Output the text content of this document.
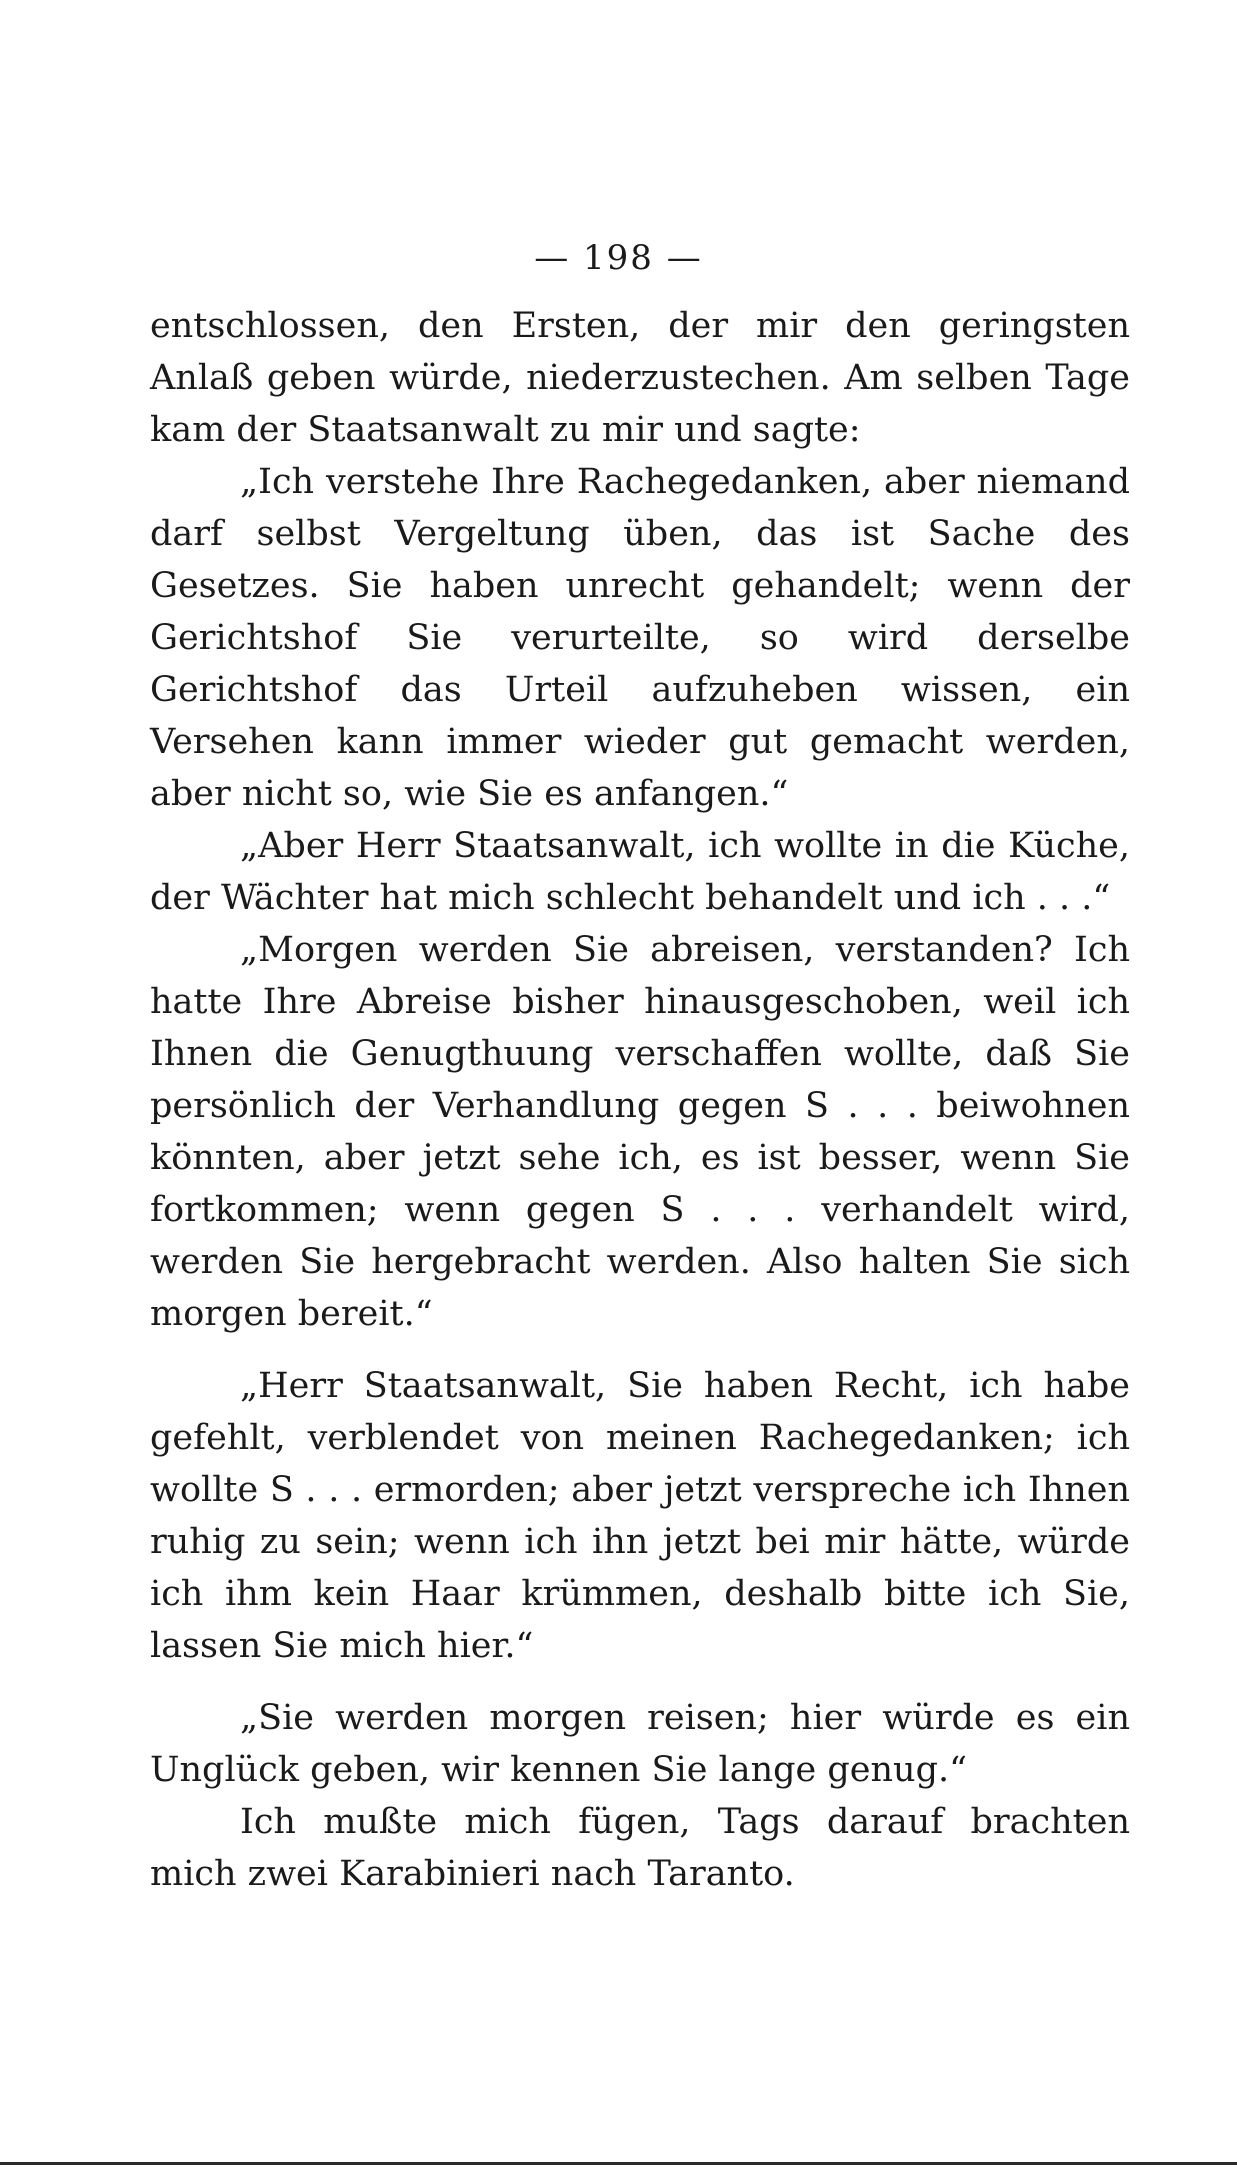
— 198 —

entschlossen, den Ersten, der mir den geringsten Anlaß geben würde, niederzustechen. Am selben Tage kam der Staatsanwalt zu mir und sagte:

„Ich verstehe Ihre Rachegedanken, aber niemand darf selbst Vergeltung üben, das ist Sache des Gesetzes. Sie haben unrecht gehandelt; wenn der Gerichtshof Sie verurteilte, so wird derselbe Gerichtshof das Urteil aufzuheben wissen, ein Versehen kann immer wieder gut gemacht werden, aber nicht so, wie Sie es anfangen.“

„Aber Herr Staatsanwalt, ich wollte in die Küche, der Wächter hat mich schlecht behandelt und ich . . .“

„Morgen werden Sie abreisen, verstanden? Ich hatte Ihre Abreise bisher hinausgeschoben, weil ich Ihnen die Genugthuung verschaffen wollte, daß Sie persönlich der Verhandlung gegen S . . . beiwohnen könnten, aber jetzt sehe ich, es ist besser, wenn Sie fortkommen; wenn gegen S . . . verhandelt wird, werden Sie hergebracht werden. Also halten Sie sich morgen bereit.“

„Herr Staatsanwalt, Sie haben Recht, ich habe gefehlt, verblendet von meinen Rachegedanken; ich wollte S . . . ermorden; aber jetzt verspreche ich Ihnen ruhig zu sein; wenn ich ihn jetzt bei mir hätte, würde ich ihm kein Haar krümmen, deshalb bitte ich Sie, lassen Sie mich hier.“

„Sie werden morgen reisen; hier würde es ein Unglück geben, wir kennen Sie lange genug.“

Ich mußte mich fügen, Tags darauf brachten mich zwei Karabinieri nach Taranto.
